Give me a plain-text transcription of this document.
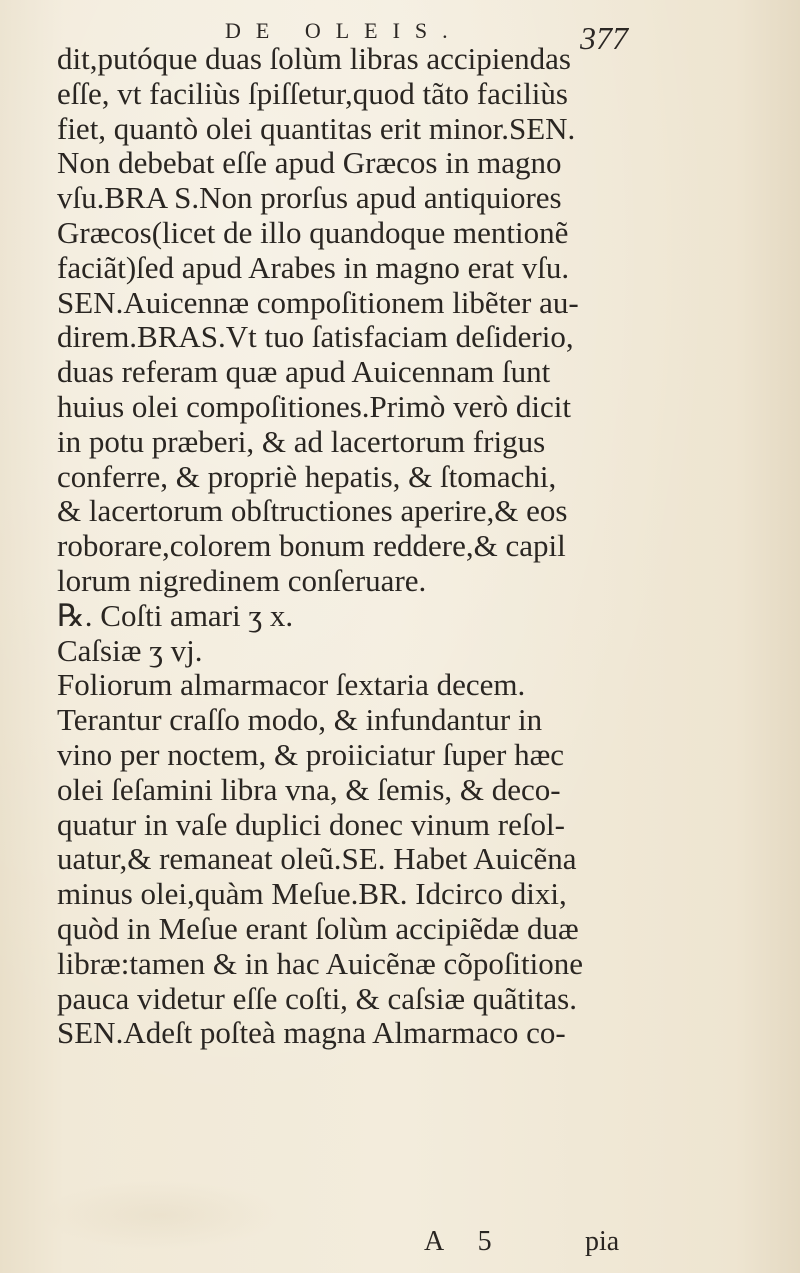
DE OLEIS.	377
dit,putóque duas ſolùm libras accipiendas
eſſe, vt faciliùs ſpiſſetur,quod tãto faciliùs
fiet, quantò olei quantitas erit minor.SEN.
Non debebat eſſe apud Græcos in magno
vſu.BRA S.Non prorſus apud antiquiores
Græcos(licet de illo quandoque mentionẽ
faciãt)ſed apud Arabes in magno erat vſu.
SEN.Auicennæ compoſitionem libẽter au-
direm.BRAS.Vt tuo ſatisfaciam deſiderio,
duas referam quæ apud Auicennam ſunt
huius olei compoſitiones.Primò verò dicit
in potu præberi, & ad lacertorum frigus
conferre, & propriè hepatis, & ſtomachi,
& lacertorum obſtructiones aperire,& eos
roborare,colorem bonum reddere,& capil
lorum nigredinem conſeruare.
℞. Coſti amari ʒ x.
Caſsiæ ʒ vj.
Foliorum almarmacor ſextaria decem.
Terantur craſſo modo, & infundantur in
vino per noctem, & proiiciatur ſuper hæc
olei ſeſamini libra vna, & ſemis, & deco-
quatur in vaſe duplici donec vinum reſol-
uatur,& remaneat oleũ.SE. Habet Auicẽna
minus olei,quàm Meſue.BR. Idcirco dixi,
quòd in Meſue erant ſolùm accipiẽdæ duæ
libræ:tamen & in hac Auicẽnæ cõpoſitione
pauca videtur eſſe coſti, & caſsiæ quãtitas.
SEN.Adeſt poſteà magna Almarmaco co-
A 5	pia
